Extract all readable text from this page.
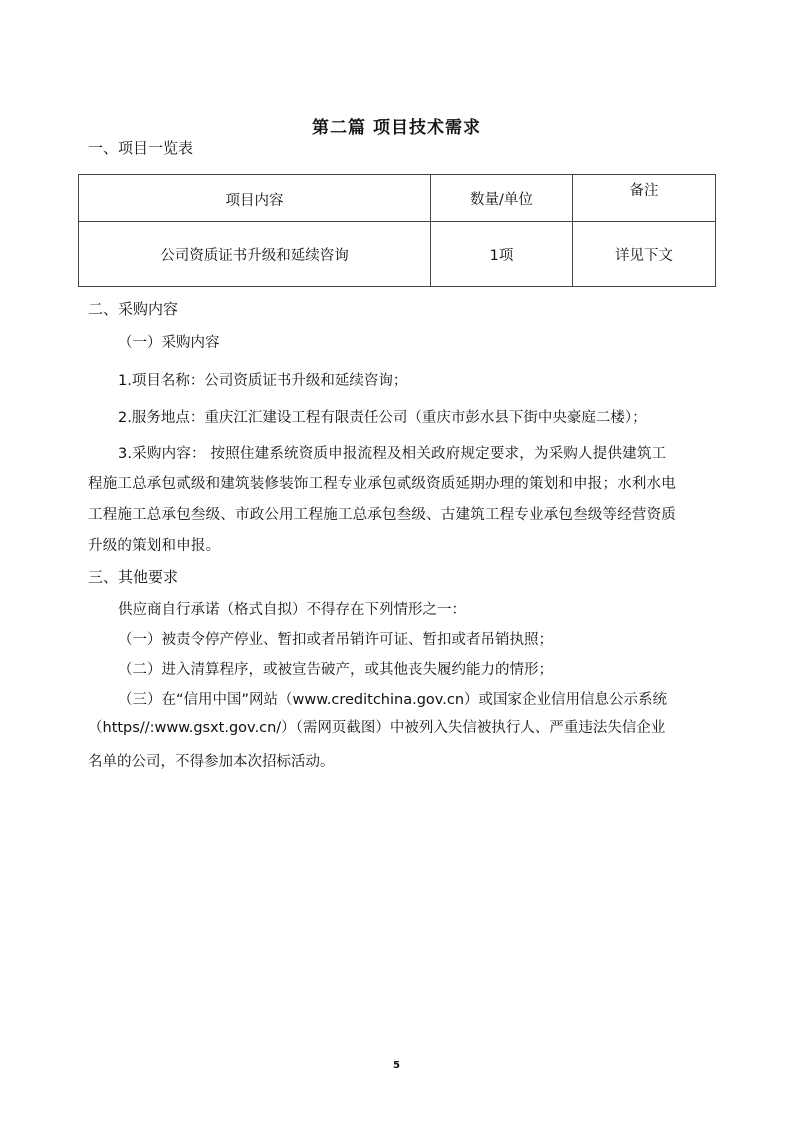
第二篇 项目技术需求
一、项目一览表
项目内容	数量/单位	备注
公司资质证书升级和延续咨询	1项	详见下文
二、采购内容
（一）采购内容
1.项目名称：公司资质证书升级和延续咨询；
2.服务地点：重庆江汇建设工程有限责任公司（重庆市彭水县下街中央豪庭二楼）；
3.采购内容： 按照住建系统资质申报流程及相关政府规定要求，为采购人提供建筑工
程施工总承包贰级和建筑装修装饰工程专业承包贰级资质延期办理的策划和申报；水利水电
工程施工总承包叁级、市政公用工程施工总承包叁级、古建筑工程专业承包叁级等经营资质
升级的策划和申报。
三、其他要求
供应商自行承诺（格式自拟）不得存在下列情形之一：
（一）被责令停产停业、暂扣或者吊销许可证、暂扣或者吊销执照；
（二）进入清算程序，或被宣告破产，或其他丧失履约能力的情形；
（三）在“信用中国”网站（www.creditchina.gov.cn）或国家企业信用信息公示系统
（https//:www.gsxt.gov.cn/）（需网页截图）中被列入失信被执行人、严重违法失信企业
名单的公司，不得参加本次招标活动。
5
